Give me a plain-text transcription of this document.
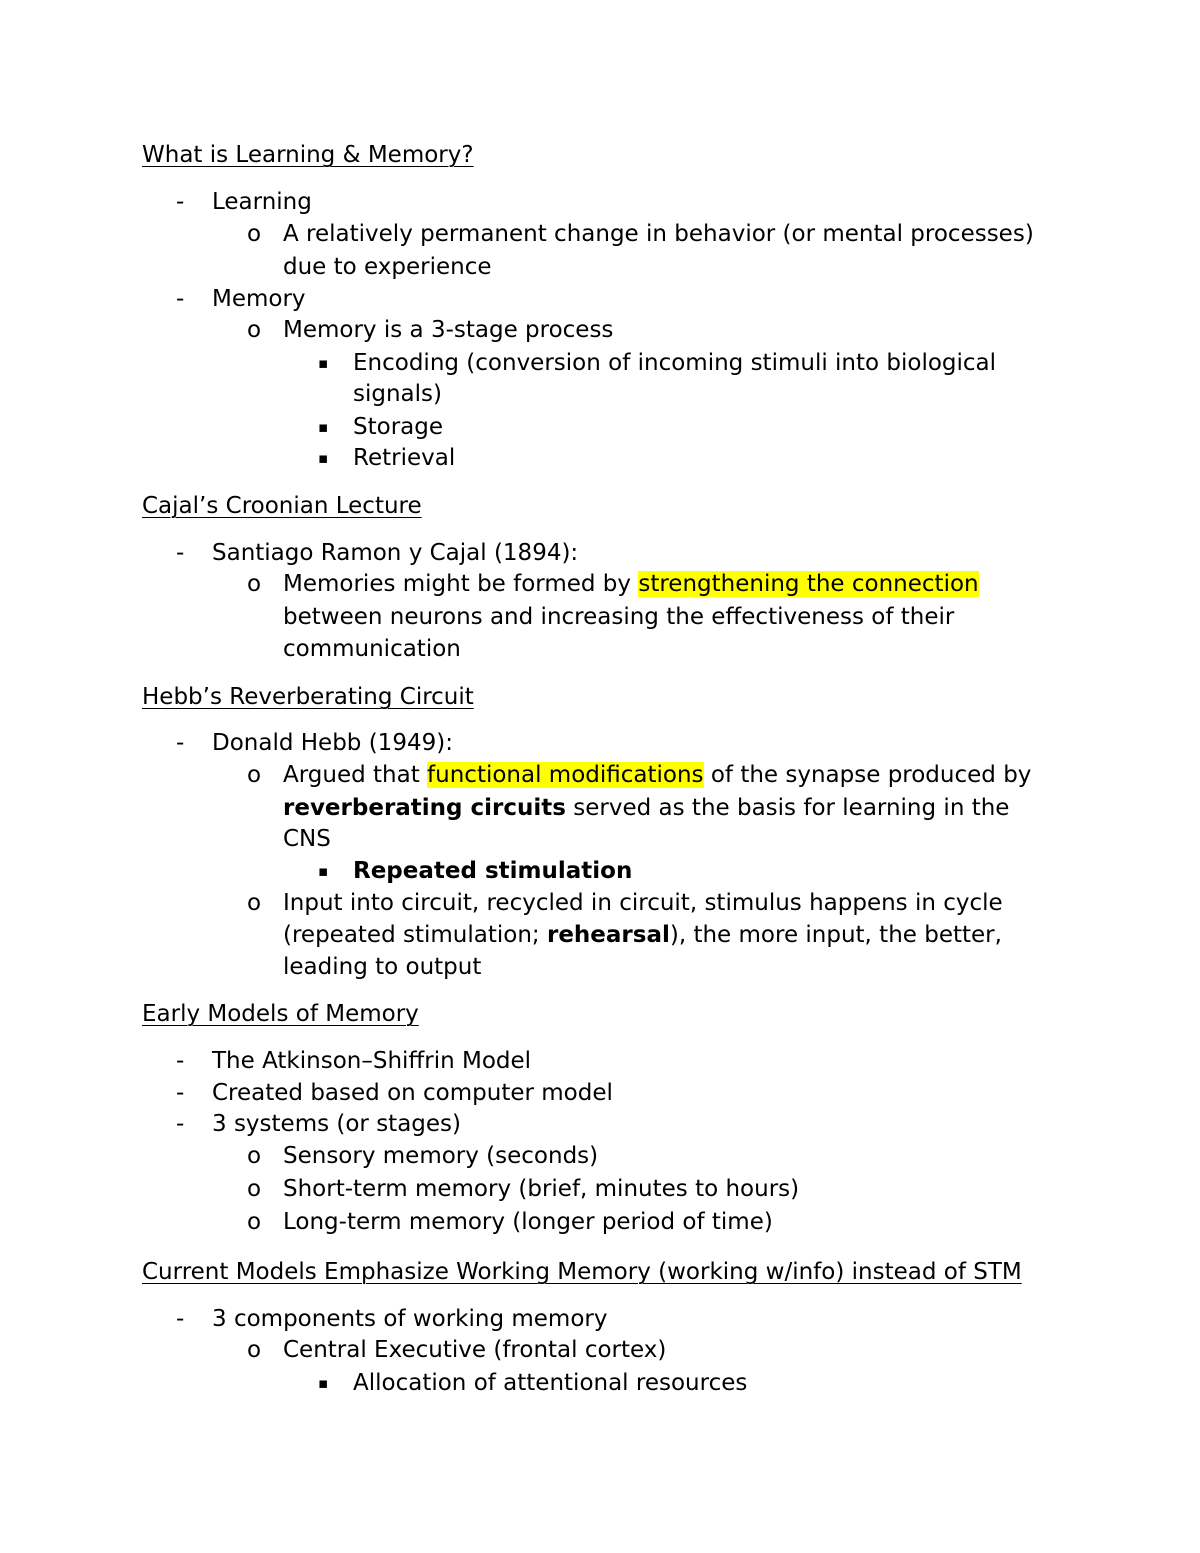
What is Learning & Memory?
- Learning
o A relatively permanent change in behavior (or mental processes)
due to experience
- Memory
o Memory is a 3-stage process
▪ Encoding (conversion of incoming stimuli into biological
signals)
▪ Storage
▪ Retrieval
Cajal’s Croonian Lecture
- Santiago Ramon y Cajal (1894):
o Memories might be formed by strengthening the connection
between neurons and increasing the effectiveness of their
communication
Hebb’s Reverberating Circuit
- Donald Hebb (1949):
o Argued that functional modifications of the synapse produced by
reverberating circuits served as the basis for learning in the
CNS
▪ Repeated stimulation
o Input into circuit, recycled in circuit, stimulus happens in cycle
(repeated stimulation; rehearsal), the more input, the better,
leading to output
Early Models of Memory
- The Atkinson–Shiffrin Model
- Created based on computer model
- 3 systems (or stages)
o Sensory memory (seconds)
o Short-term memory (brief, minutes to hours)
o Long-term memory (longer period of time)
Current Models Emphasize Working Memory (working w/info) instead of STM
- 3 components of working memory
o Central Executive (frontal cortex)
▪ Allocation of attentional resources
